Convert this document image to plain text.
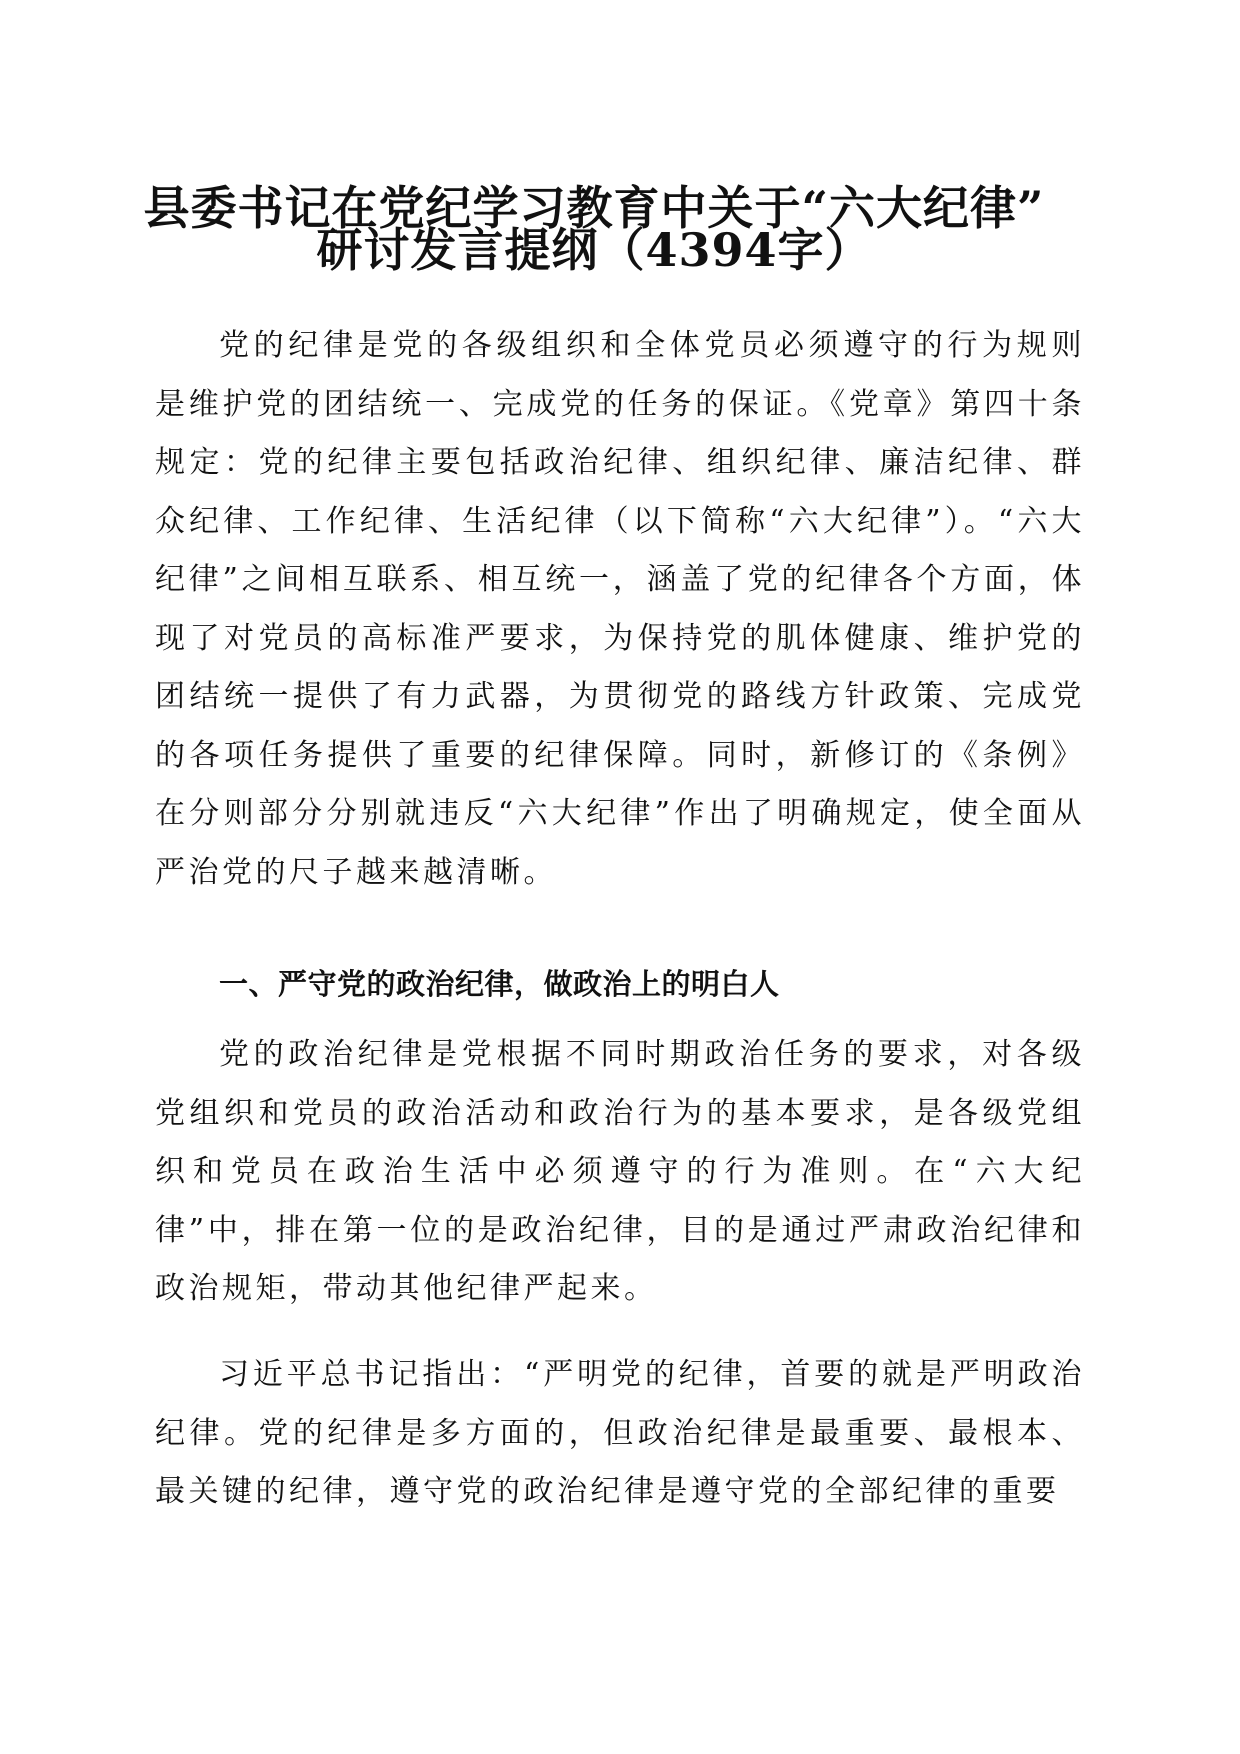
县委书记在党纪学习教育中关于“六大纪律”
研讨发言提纲（4394字）

党的纪律是党的各级组织和全体党员必须遵守的行为规则是维护党的团结统一、完成党的任务的保证。《党章》第四十条规定：党的纪律主要包括政治纪律、组织纪律、廉洁纪律、群众纪律、工作纪律、生活纪律（以下简称“六大纪律”）。“六大纪律”之间相互联系、相互统一，涵盖了党的纪律各个方面，体现了对党员的高标准严要求，为保持党的肌体健康、维护党的团结统一提供了有力武器，为贯彻党的路线方针政策、完成党的各项任务提供了重要的纪律保障。同时，新修订的《条例》在分则部分分别就违反“六大纪律”作出了明确规定，使全面从严治党的尺子越来越清晰。

一、严守党的政治纪律，做政治上的明白人

党的政治纪律是党根据不同时期政治任务的要求，对各级党组织和党员的政治活动和政治行为的基本要求，是各级党组织和党员在政治生活中必须遵守的行为准则。在“六大纪律”中，排在第一位的是政治纪律，目的是通过严肃政治纪律和政治规矩，带动其他纪律严起来。

习近平总书记指出：“严明党的纪律，首要的就是严明政治纪律。党的纪律是多方面的，但政治纪律是最重要、最根本、最关键的纪律，遵守党的政治纪律是遵守党的全部纪律的重要
